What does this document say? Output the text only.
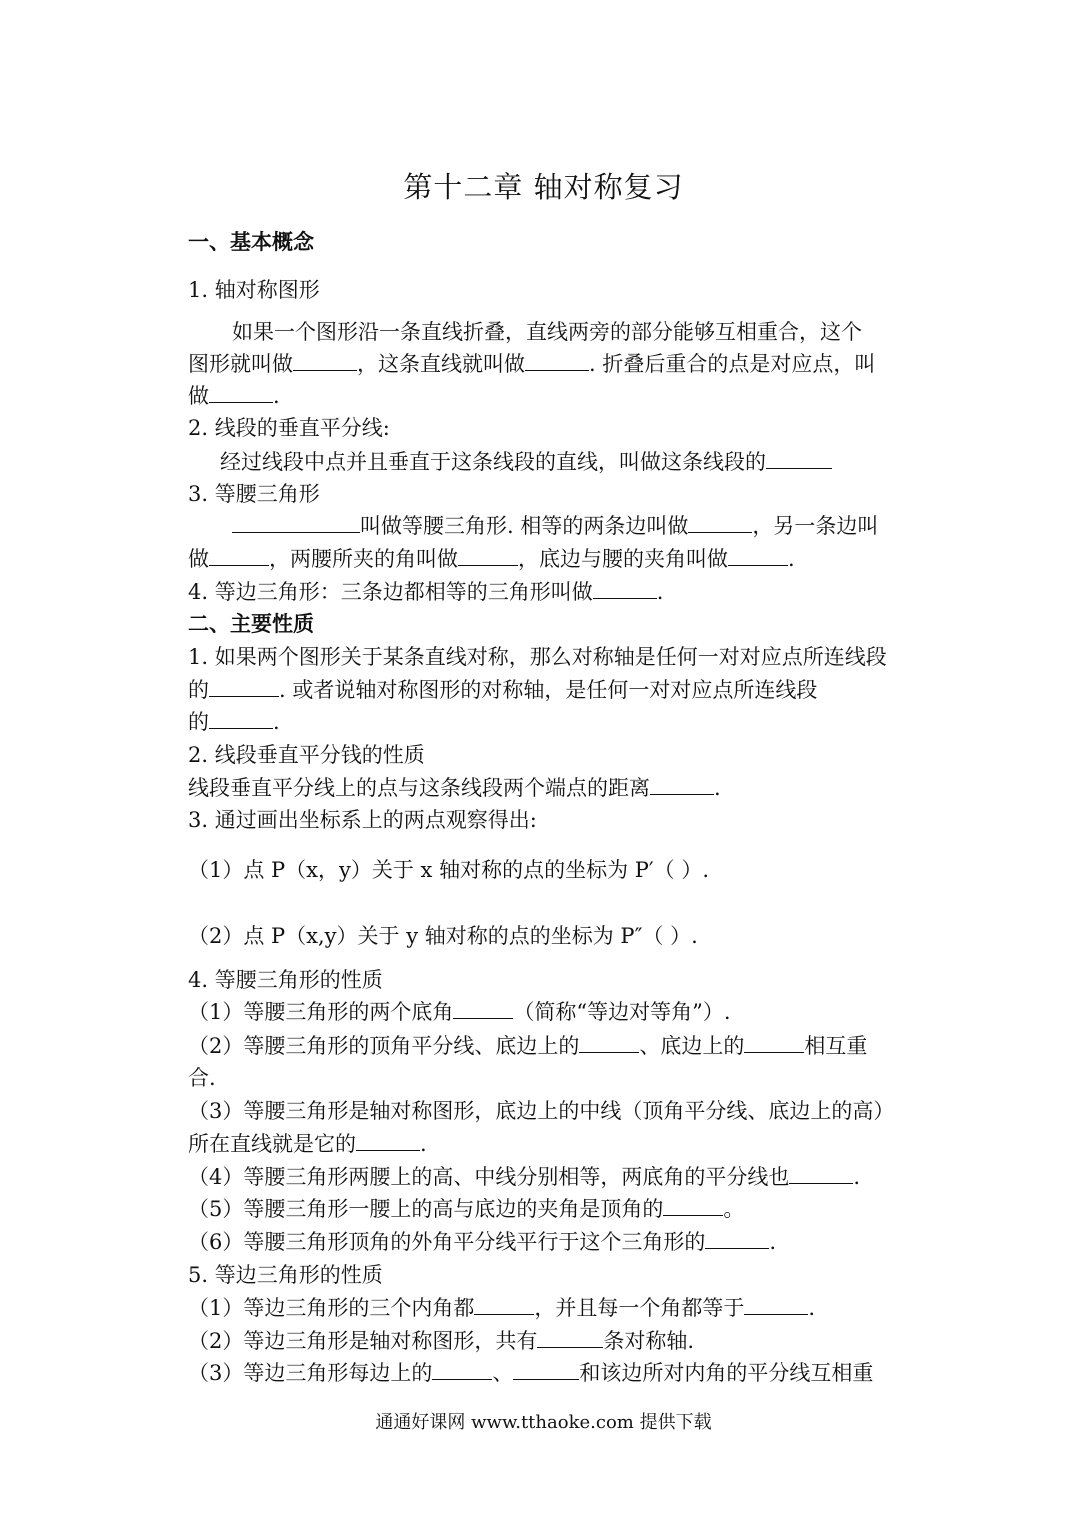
第十二章 轴对称复习
一、基本概念
1. 轴对称图形
如果一个图形沿一条直线折叠，直线两旁的部分能够互相重合，这个
图形就叫做	，这条直线就叫做	. 折叠后重合的点是对应点，叫
做	.
2. 线段的垂直平分线:
经过线段中点并且垂直于这条线段的直线，叫做这条线段的
3. 等腰三角形
叫做等腰三角形. 相等的两条边叫做	，另一条边叫
做	，两腰所夹的角叫做	，底边与腰的夹角叫做	.
4. 等边三角形：三条边都相等的三角形叫做	.
二、主要性质
1. 如果两个图形关于某条直线对称，那么对称轴是任何一对对应点所连线段
的	. 或者说轴对称图形的对称轴，是任何一对对应点所连线段
的	.
2. 线段垂直平分钱的性质
线段垂直平分线上的点与这条线段两个端点的距离	.
3. 通过画出坐标系上的两点观察得出:
（1）点 P（x，y）关于 x 轴对称的点的坐标为 P′（ ）.
（2）点 P（x,y）关于 y 轴对称的点的坐标为 P″（ ）.
4. 等腰三角形的性质
（1）等腰三角形的两个底角	（简称“等边对等角”）.
（2）等腰三角形的顶角平分线、底边上的	、底边上的	相互重
合.
（3）等腰三角形是轴对称图形，底边上的中线（顶角平分线、底边上的高）
所在直线就是它的	.
（4）等腰三角形两腰上的高、中线分别相等，两底角的平分线也	.
（5）等腰三角形一腰上的高与底边的夹角是顶角的	。
（6）等腰三角形顶角的外角平分线平行于这个三角形的	.
5. 等边三角形的性质
（1）等边三角形的三个内角都	，并且每一个角都等于	.
（2）等边三角形是轴对称图形，共有	条对称轴.
（3）等边三角形每边上的	、	和该边所对内角的平分线互相重
通通好课网 www.tthaoke.com 提供下载
